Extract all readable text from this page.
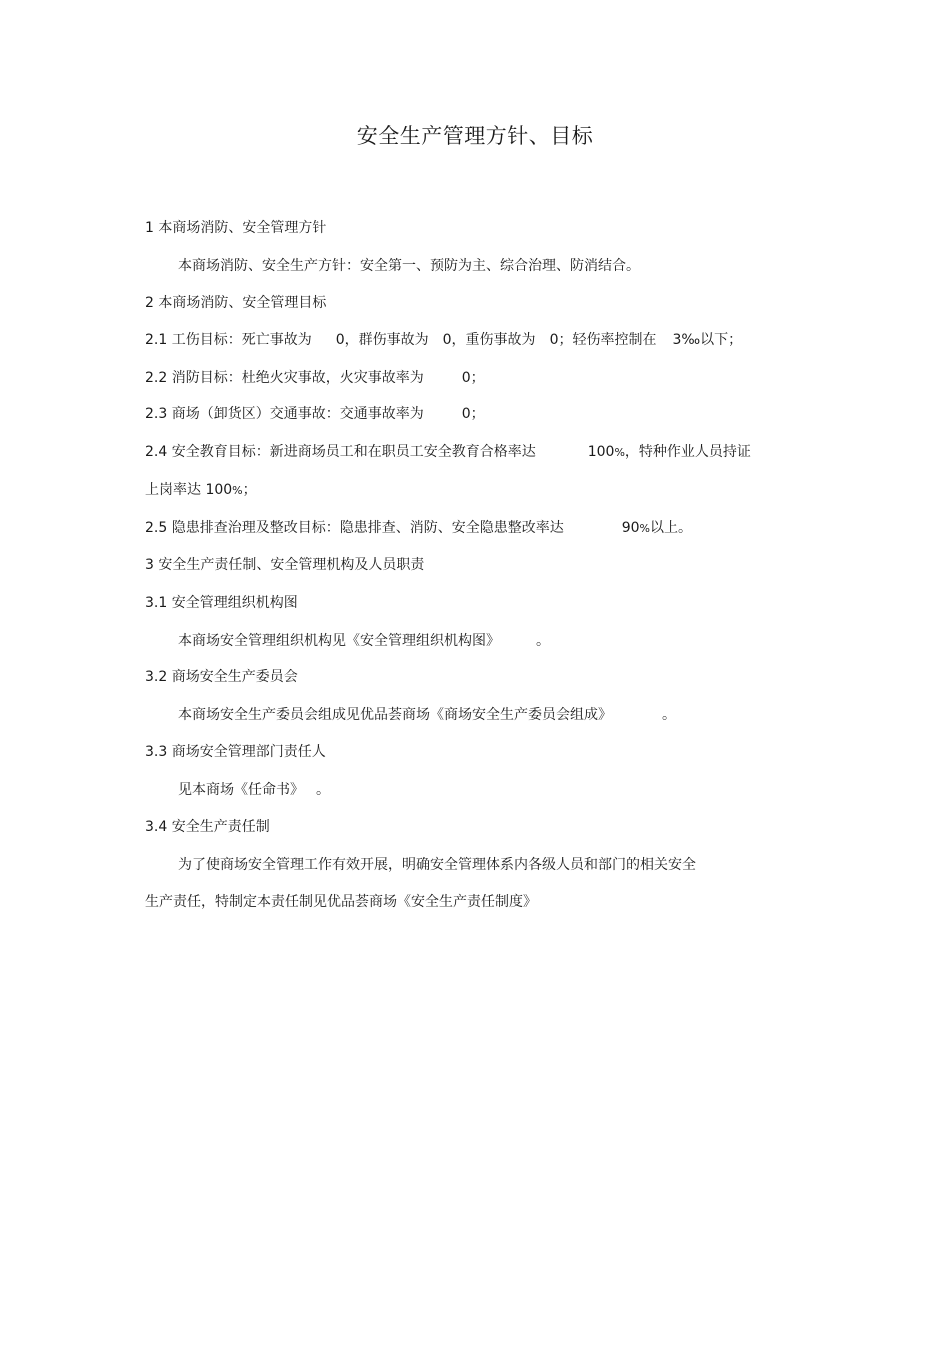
安全生产管理方针、目标
1 本商场消防、安全管理方针
本商场消防、安全生产方针：安全第一、预防为主、综合治理、防消结合。
2 本商场消防、安全管理目标
2.1 工伤目标：死亡事故为 0，群伤事故为 0，重伤事故为 0；轻伤率控制在 3‰以下；
2.2 消防目标：杜绝火灾事故，火灾事故率为	0；
2.3 商场（卸货区）交通事故：交通事故率为	0；
2.4 安全教育目标：新进商场员工和在职员工安全教育合格率达	100%，特种作业人员持证
上岗率达 100%；
2.5 隐患排查治理及整改目标：隐患排查、消防、安全隐患整改率达	90%以上。
3 安全生产责任制、安全管理机构及人员职责
3.1 安全管理组织机构图
本商场安全管理组织机构见《安全管理组织机构图》	。
3.2 商场安全生产委员会
本商场安全生产委员会组成见优品荟商场《商场安全生产委员会组成》	。
3.3 商场安全管理部门责任人
见本商场《任命书》 。
3.4 安全生产责任制
为了使商场安全管理工作有效开展，明确安全管理体系内各级人员和部门的相关安全
生产责任，特制定本责任制见优品荟商场《安全生产责任制度》
